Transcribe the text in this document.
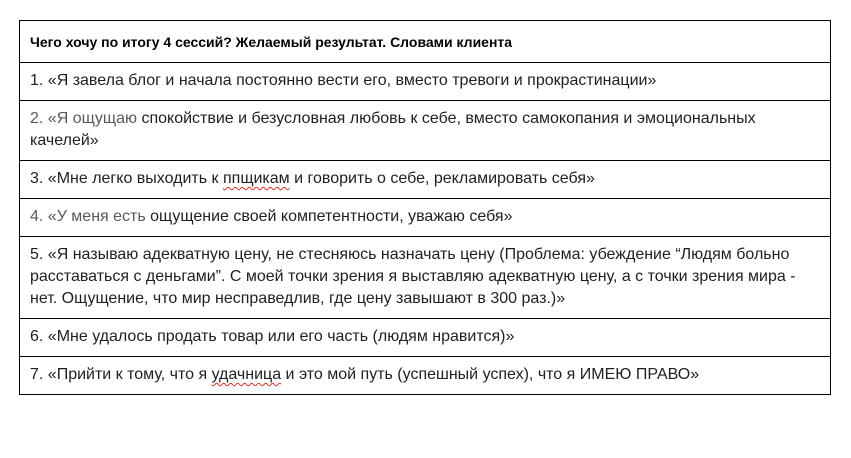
Чего хочу по итогу 4 сессий? Желаемый результат. Словами клиента
1. «Я завела блог и начала постоянно вести его, вместо тревоги и прокрастинации»
2. «Я ощущаю спокойствие и безусловная любовь к себе, вместо самокопания и эмоциональных качелей»
3. «Мне легко выходить к ппщикам и говорить о себе, рекламировать себя»
4. «У меня есть ощущение своей компетентности, уважаю себя»
5. «Я называю адекватную цену, не стесняюсь назначать цену (Проблема: убеждение “Людям больно расставаться с деньгами”. С моей точки зрения я выставляю адекватную цену, а с точки зрения мира - нет. Ощущение, что мир несправедлив, где цену завышают в 300 раз.)»
6. «Мне удалось продать товар или его часть (людям нравится)»
7. «Прийти к тому, что я удачница и это мой путь (успешный успех), что я ИМЕЮ ПРАВО»
